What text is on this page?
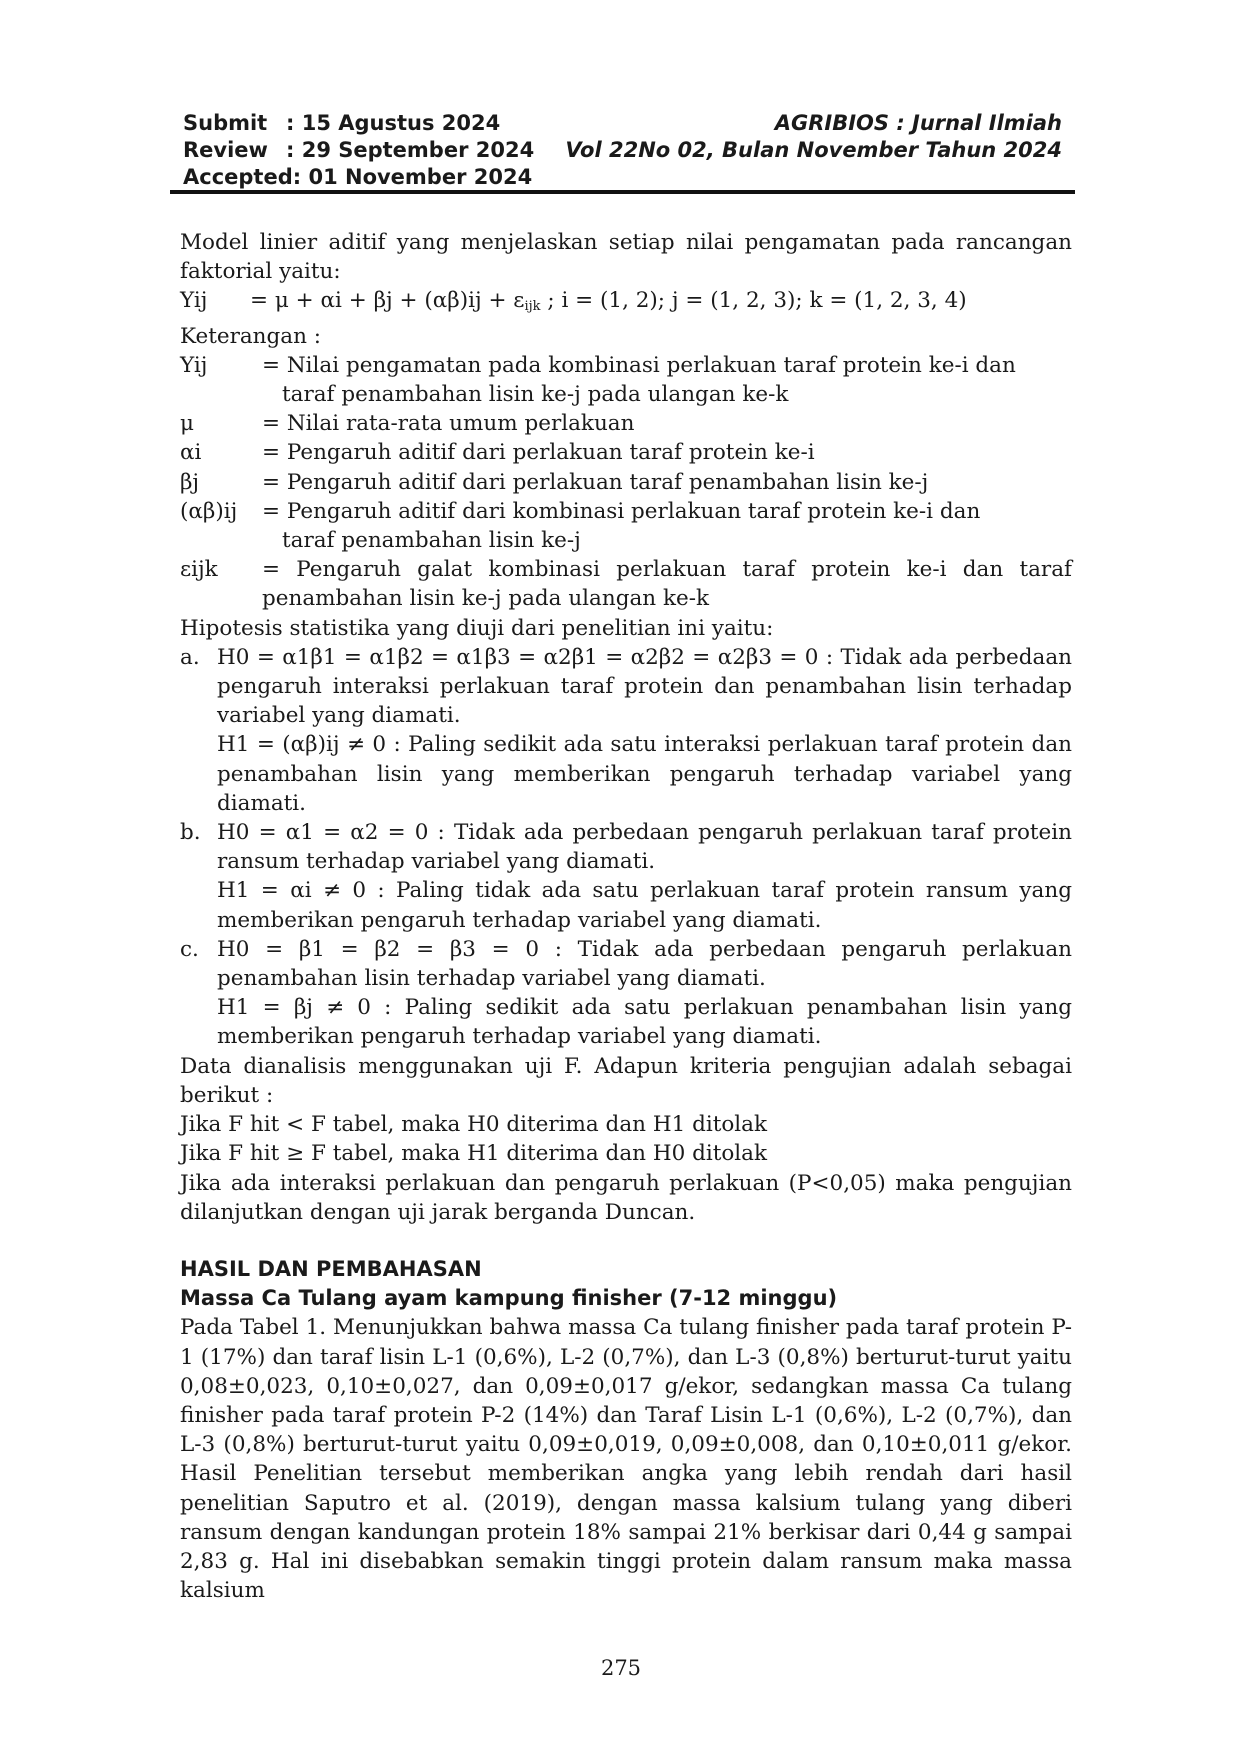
Submit : 15 Agustus 2024
Review : 29 September 2024
Accepted : 01 November 2024
AGRIBIOS : Jurnal Ilmiah
Vol 22No 02, Bulan November Tahun 2024

Model linier aditif yang menjelaskan setiap nilai pengamatan pada rancangan faktorial yaitu:

Yij	= $\mu + \alpha i + \beta j + (\alpha\beta)ij + \varepsilon_{ijk}$ ; i = (1, 2); j = (1, 2, 3); k = (1, 2, 3, 4)

Keterangan :

Yij	= Nilai pengamatan pada kombinasi perlakuan taraf protein ke-i dan
taraf penambahan lisin ke-j pada ulangan ke-k
μ	= Nilai rata-rata umum perlakuan
αi	= Pengaruh aditif dari perlakuan taraf protein ke-i
βj	= Pengaruh aditif dari perlakuan taraf penambahan lisin ke-j
(αβ)ij	= Pengaruh aditif dari kombinasi perlakuan taraf protein ke-i dan
taraf penambahan lisin ke-j
εijk	= Pengaruh galat kombinasi perlakuan taraf protein ke-i dan taraf
penambahan lisin ke-j pada ulangan ke-k

Hipotesis statistika yang diuji dari penelitian ini yaitu:

a. H0 = α1β1 = α1β2 = α1β3 = α2β1 = α2β2 = α2β3 = 0 : Tidak ada perbedaan pengaruh interaksi perlakuan taraf protein dan penambahan lisin terhadap variabel yang diamati.

H1 = (αβ)ij ≠ 0 : Paling sedikit ada satu interaksi perlakuan taraf protein dan penambahan lisin yang memberikan pengaruh terhadap variabel yang diamati.

b. H0 = α1 = α2 = 0 : Tidak ada perbedaan pengaruh perlakuan taraf protein ransum terhadap variabel yang diamati.

H1 = αi ≠ 0 : Paling tidak ada satu perlakuan taraf protein ransum yang memberikan pengaruh terhadap variabel yang diamati.

c. H0 = β1 = β2 = β3 = 0 : Tidak ada perbedaan pengaruh perlakuan penambahan lisin terhadap variabel yang diamati.

H1 = βj ≠ 0 : Paling sedikit ada satu perlakuan penambahan lisin yang memberikan pengaruh terhadap variabel yang diamati.

Data dianalisis menggunakan uji F. Adapun kriteria pengujian adalah sebagai berikut :

Jika F hit < F tabel, maka H0 diterima dan H1 ditolak

Jika F hit ≥ F tabel, maka H1 diterima dan H0 ditolak

Jika ada interaksi perlakuan dan pengaruh perlakuan (P<0,05) maka pengujian dilanjutkan dengan uji jarak berganda Duncan.

HASIL DAN PEMBAHASAN

Massa Ca Tulang ayam kampung finisher (7-12 minggu)

Pada Tabel 1. Menunjukkan bahwa massa Ca tulang finisher pada taraf protein P-1 (17%) dan taraf lisin L-1 (0,6%), L-2 (0,7%), dan L-3 (0,8%) berturut-turut yaitu 0,08±0,023, 0,10±0,027, dan 0,09±0,017 g/ekor, sedangkan massa Ca tulang finisher pada taraf protein P-2 (14%) dan Taraf Lisin L-1 (0,6%), L-2 (0,7%), dan L-3 (0,8%) berturut-turut yaitu 0,09±0,019, 0,09±0,008, dan 0,10±0,011 g/ekor. Hasil Penelitian tersebut memberikan angka yang lebih rendah dari hasil penelitian Saputro et al. (2019), dengan massa kalsium tulang yang diberi ransum dengan kandungan protein 18% sampai 21% berkisar dari 0,44 g sampai 2,83 g. Hal ini disebabkan semakin tinggi protein dalam ransum maka massa kalsium

275
